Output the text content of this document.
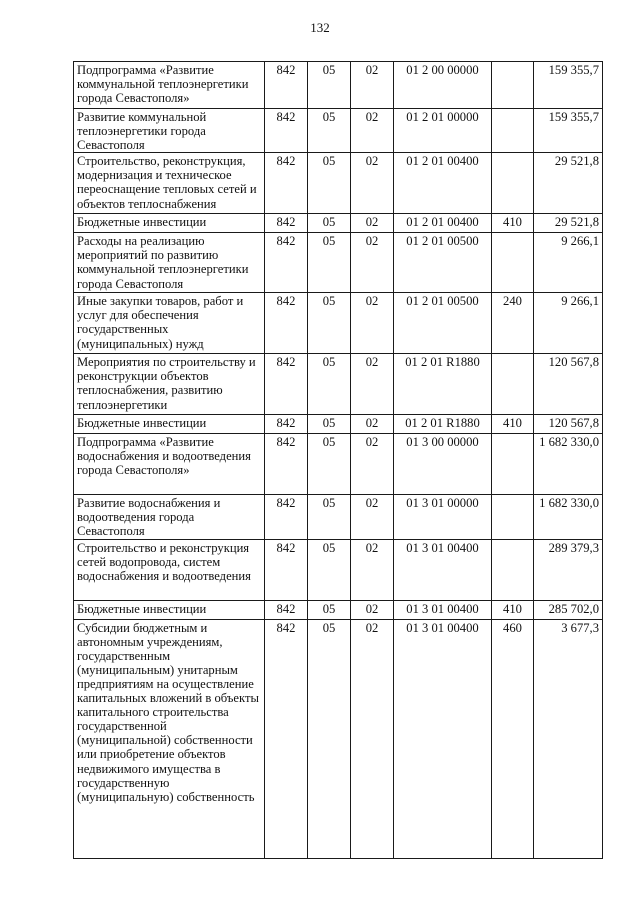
132
Подпрограмма «Развитие коммунальной теплоэнергетики города Севастополя»	842	05	02	01 2 00 00000		159 355,7
Развитие коммунальной теплоэнергетики города Севастополя	842	05	02	01 2 01 00000		159 355,7
Строительство, реконструкция, модернизация и техническое переоснащение тепловых сетей и объектов теплоснабжения	842	05	02	01 2 01 00400		29 521,8
Бюджетные инвестиции	842	05	02	01 2 01 00400	410	29 521,8
Расходы на реализацию мероприятий по развитию коммунальной теплоэнергетики города Севастополя	842	05	02	01 2 01 00500		9 266,1
Иные закупки товаров, работ и услуг для обеспечения государственных (муниципальных) нужд	842	05	02	01 2 01 00500	240	9 266,1
Мероприятия по строительству и реконструкции объектов теплоснабжения, развитию теплоэнергетики	842	05	02	01 2 01 R1880		120 567,8
Бюджетные инвестиции	842	05	02	01 2 01 R1880	410	120 567,8
Подпрограмма «Развитие водоснабжения и водоотведения города Севастополя»	842	05	02	01 3 00 00000		1 682 330,0
Развитие водоснабжения и водоотведения города Севастополя	842	05	02	01 3 01 00000		1 682 330,0
Строительство и реконструкция сетей водопровода, систем водоснабжения и водоотведения	842	05	02	01 3 01 00400		289 379,3
Бюджетные инвестиции	842	05	02	01 3 01 00400	410	285 702,0
Субсидии бюджетным и автономным учреждениям, государственным (муниципальным) унитарным предприятиям на осуществление капитальных вложений в объекты капитального строительства государственной (муниципальной) собственности или приобретение объектов недвижимого имущества в государственную (муниципальную) собственность	842	05	02	01 3 01 00400	460	3 677,3
